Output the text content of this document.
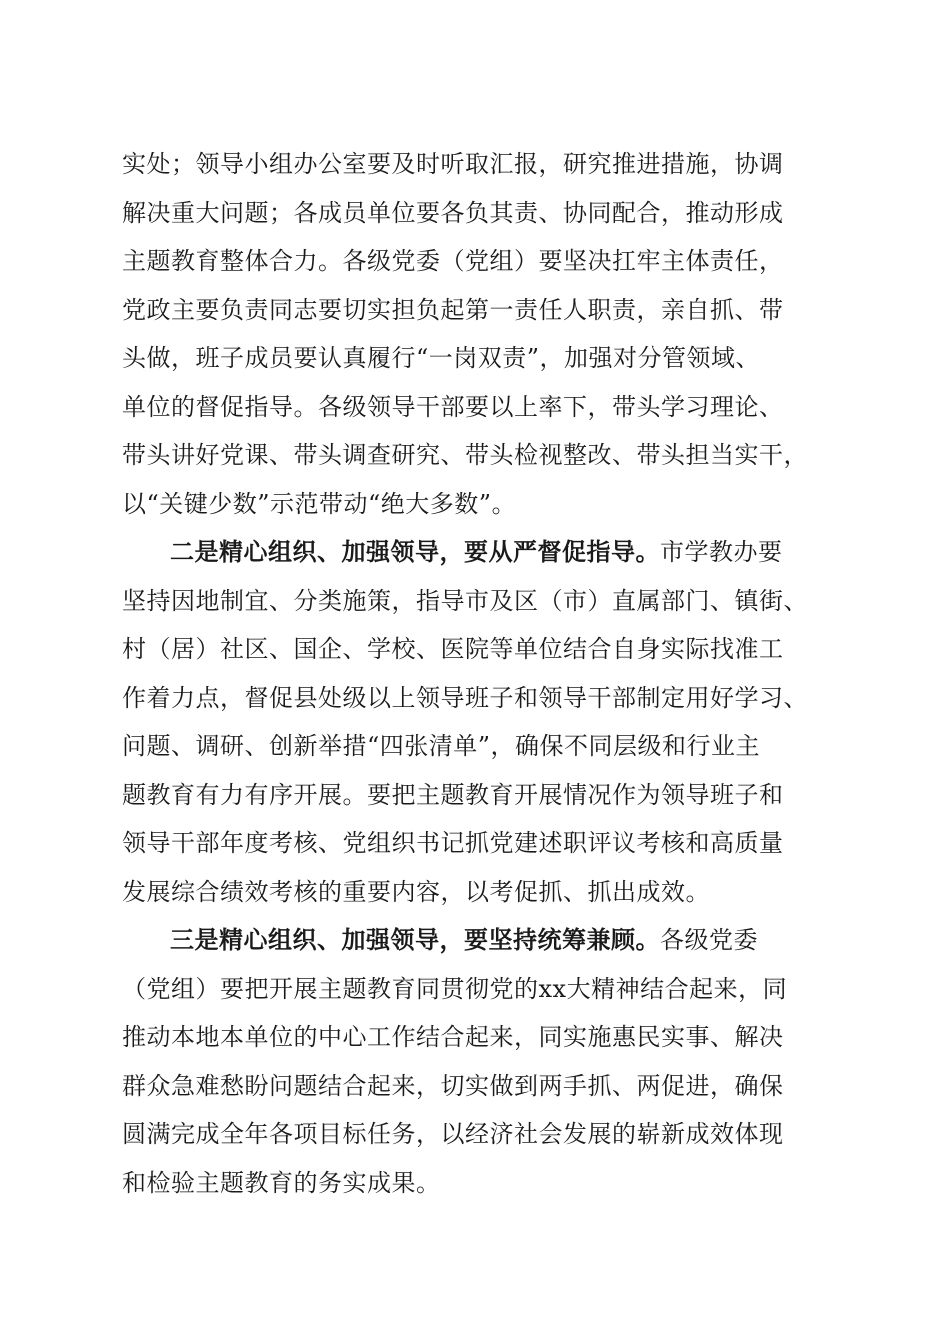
实处；领导小组办公室要及时听取汇报，研究推进措施，协调
解决重大问题；各成员单位要各负其责、协同配合，推动形成
主题教育整体合力。各级党委（党组）要坚决扛牢主体责任，
党政主要负责同志要切实担负起第一责任人职责，亲自抓、带
头做，班子成员要认真履行“一岗双责”，加强对分管领域、
单位的督促指导。各级领导干部要以上率下，带头学习理论、
带头讲好党课、带头调查研究、带头检视整改、带头担当实干，
以“关键少数”示范带动“绝大多数”。

二是精心组织、加强领导，要从严督促指导。市学教办要
坚持因地制宜、分类施策，指导市及区（市）直属部门、镇街、
村（居）社区、国企、学校、医院等单位结合自身实际找准工
作着力点，督促县处级以上领导班子和领导干部制定用好学习、
问题、调研、创新举措“四张清单”，确保不同层级和行业主
题教育有力有序开展。要把主题教育开展情况作为领导班子和
领导干部年度考核、党组织书记抓党建述职评议考核和高质量
发展综合绩效考核的重要内容，以考促抓、抓出成效。

三是精心组织、加强领导，要坚持统筹兼顾。各级党委
（党组）要把开展主题教育同贯彻党的xx大精神结合起来，同
推动本地本单位的中心工作结合起来，同实施惠民实事、解决
群众急难愁盼问题结合起来，切实做到两手抓、两促进，确保
圆满完成全年各项目标任务，以经济社会发展的崭新成效体现
和检验主题教育的务实成果。
